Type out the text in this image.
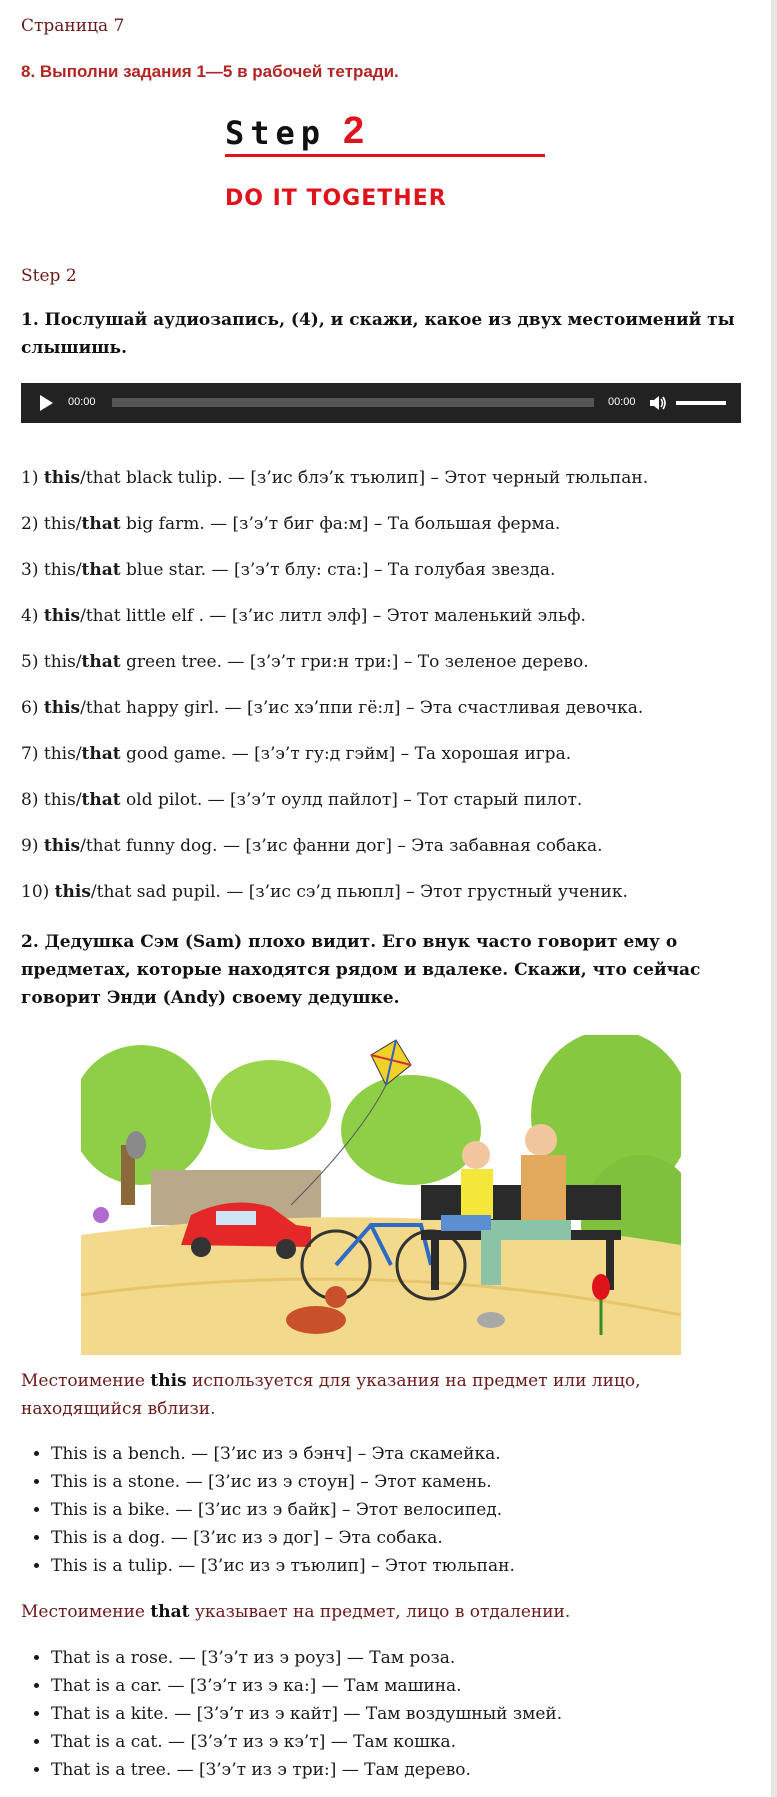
Страница 7
8. Выполни задания 1—5 в рабочей тетради.
Step 2
DO IT TOGETHER
Step 2
1. Послушай аудиозапись, (4), и скажи, какое из двух местоимений ты слышишь.
00:00	00:00
1) this/that black tulip. — [з’ис блэ’к тъюлип] – Этот черный тюльпан.
2) this/that big farm. — [з’э’т биг фа:м] – Та большая ферма.
3) this/that blue star. — [з’э’т блу: ста:] – Та голубая звезда.
4) this/that little elf . — [з’ис литл элф] – Этот маленький эльф.
5) this/that green tree. — [з’э’т гри:н три:] – То зеленое дерево.
6) this/that happy girl. — [з’ис хэ’ппи гё:л] – Эта счастливая девочка.
7) this/that good game. — [з’э’т гу:д гэйм] – Та хорошая игра.
8) this/that old pilot. — [з’э’т оулд пайлот] – Тот старый пилот.
9) this/that funny dog. — [з’ис фанни дог] – Эта забавная собака.
10) this/that sad pupil. — [з’ис сэ’д пьюпл] – Этот грустный ученик.
2. Дедушка Сэм (Sam) плохо видит. Его внук часто говорит ему о предметах, которые находятся рядом и вдалеке. Скажи, что сейчас говорит Энди (Andy) своему дедушке.
Местоимение this используется для указания на предмет или лицо, находящийся вблизи.
• This is a bench. — [З’ис из э бэнч] – Эта скамейка.
• This is a stone. — [З’ис из э стоун] – Этот камень.
• This is a bike. — [З’ис из э байк] – Этот велосипед.
• This is a dog. — [З’ис из э дог] – Эта собака.
• This is a tulip. — [З’ис из э тъюлип] – Этот тюльпан.
Местоимение that указывает на предмет, лицо в отдалении.
• That is a rose. — [З’э’т из э роуз] — Там роза.
• That is a car. — [З’э’т из э ка:] — Там машина.
• That is a kite. — [З’э’т из э кайт] — Там воздушный змей.
• That is a cat. — [З’э’т из э кэ’т] — Там кошка.
• That is a tree. — [З’э’т из э три:] — Там дерево.
